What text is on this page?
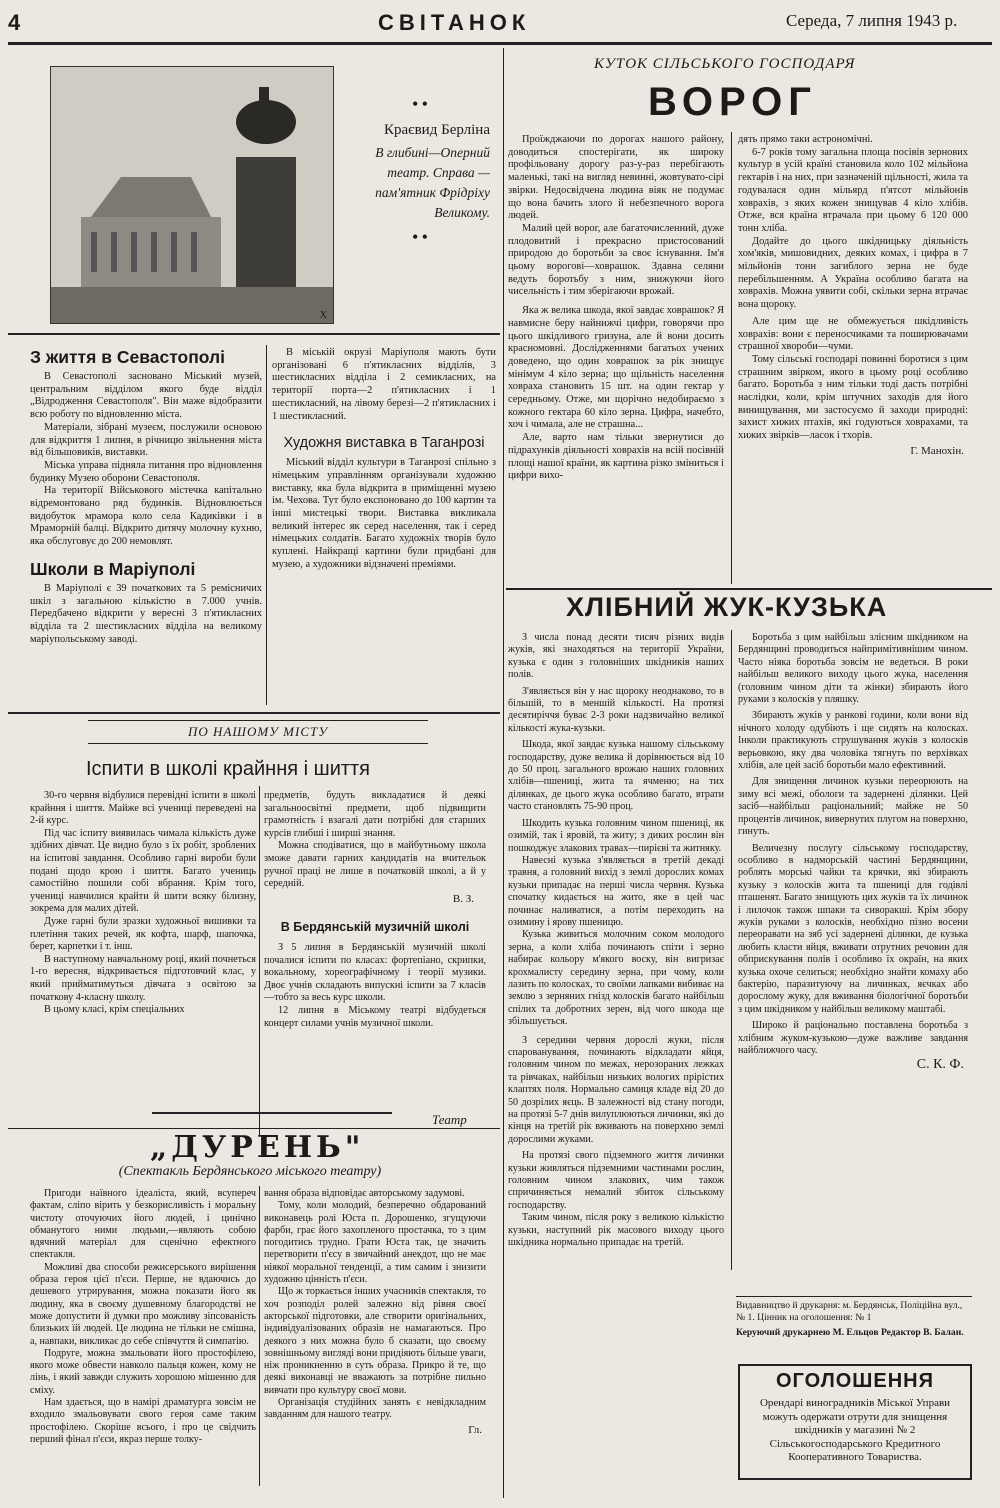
4	СВІТАНОК	Середа, 7 липня 1943 р.
X
• •
Краєвид Берліна
В глибині—Оперний театр. Справа — пам'ятник Фрідріху Великому.
• •
З життя в Севастополі

В Севастополі засновано Міський музей, центральним відділом якого буде відділ „Відродження Севастополя". Він маже відобразити всю роботу по відновленню міста.

Матеріали, зібрані музеєм, послужили основою для відкриття 1 липня, в річницю звільнення міста від більшовиків, виставки.

Міська управа підняла питання про відновлення будинку Музею оборони Севастополя.

На території Військового містечка капітально відремонтовано ряд будинків. Відновлюється видобуток мрамора коло села Кадиківки і в Мраморній балці. Відкрито дитячу молочну кухню, яка обслуговує до 200 немовлят.

Школи в Маріуполі

В Маріуполі є 39 початкових та 5 ремісничих шкіл з загальною кількістю в 7.000 учнів. Передбачено відкрити у вересні 3 п'ятикласних відділа та 2 шестикласних відділа на великому маріупольському заводі.

В міській окрузі Маріуполя мають бути організовані 6 п'ятикласних відділів, 3 шестикласних відділа і 2 семикласних, на території порта—2 п'ятикласних і 1 шестикласний, на лівому березі—2 п'ятикласних і 1 шестикласний.

Художня виставка в Таганрозі

Міський відділ культури в Таганрозі спільно з німецьким управлінням організували художню виставку, яка була відкрита в приміщенні музею ім. Чехова. Тут було експоновано до 100 картин та інші мистецькі твори. Виставка викликала великий інтерес як серед населення, так і серед німецьких солдатів. Багато художніх творів було куплені. Найкращі картини були придбані для музею, а художники відзначені преміями.

КУТОК СІЛЬСЬКОГО ГОСПОДАРЯ
ВОРОГ

Проїжджаючи по дорогах нашого району, доводиться спостерігати, як широку профільовану дорогу раз-у-раз перебігають маленькі, такі на вигляд невинні, жовтувато-сірі звірки. Недосвідчена людина віяк не подумає що вона бачить злого й небезпечного ворога людей.

Малий цей ворог, але багаточисленний, дуже плодовитий і прекрасно пристосований природою до боротьби за своє існування. Ім'я цьому ворогові—ховрашок. Здавна селяни ведуть боротьбу з ним, знижуючи його чисельність і тим зберігаючи врожай.

Яка ж велика шкода, якої завдає ховрашок? Я навмисне беру найнижчі цифри, говорячи про цього шкідливого гризуна, але й вони досить красномовні. Дослідженнями багатьох учених доведено, що один ховрашок за рік знищує мінімум 4 кіло зерна; що щільність населення ховраха становить 15 шт. на один гектар у середньому. Отже, ми щорічно недобираємо з кожного гектара 60 кіло зерна. Цифра, начебто, хоч і чимала, але не страшна...

Але, варто нам тільки звернутися до підрахунків діяльності ховрахів на всій посівній площі нашої країни, як картина різко зміниться і цифри вихо-

дять прямо таки астрономічні.

6-7 років тому загальна площа посівів зернових культур в усій країні становила коло 102 мільйона гектарів і на них, при зазначеній щільності, жила та годувалася один мільярд п'ятсот мільйонів ховрахів, з яких кожен знищував 4 кіло хлібів. Отже, вся країна втрачала при цьому 6 120 000 тонн хліба.

Додайте до цього шкідницьку діяльність хом'яків, мишовидних, деяких комах, і цифра в 7 мільйонів тонн загиблого зерна не буде перебільшенням. А Україна особливо багата на ховрахів. Можна уявити собі, скільки зерна втрачає вона щороку.

Але цим ще не обмежується шкідливість ховрахів: вони є переносчиками та поширювачами страшної хвороби—чуми.

Тому сільські господарі повинні боротися з цим страшним звірком, якого в цьому році особливо багато. Боротьба з ним тільки тоді дасть потрібні наслідки, коли, крім штучних заходів для його винищування, ми застосуємо й заходи природні: захист хижих птахів, які годуються ховрахами, та хижих звірків—ласок і тхорів.

Г. Манохін.
ХЛІБНИЙ ЖУК-КУЗЬКА

З числа понад десяти тисяч різних видів жуків, які знаходяться на території України, кузька є один з головніших шкідників наших полів.

З'являється він у нас щороку неоднаково, то в більшій, то в меншій кількості. На протязі десятиріччя буває 2-3 роки надзвичайно великої кількості жука-кузьки.

Шкода, якої завдає кузька нашому сільському господарству, дуже велика й дорівнюється від 10 до 50 проц. загального врожаю наших головних хлібів—пшениці, жита та ячменю; на тих ділянках, де цього жука особливо багато, втрати часто становлять 75-90 проц.

Шкодить кузька головним чином пшениці, як озимій, так і яровій, та житу; з диких рослин він пошкоджує злакових травах—пирієві та житняку.

Навесні кузька з'являється в третій декаді травня, а головний вихід з землі дорослих комах кузьки припадає на перші числа червня. Кузька спочатку кидається на жито, яке в цей час починає наливатися, а потім переходить на озимину і ярову пшеницю.

Кузька живиться молочним соком молодого зерна, а коли хліба починають спіти і зерно набирає кольору м'якого воску, він вигризає крохмалисту середину зерна, при чому, коли лазить по колосках, то своїми лапками вибиває на землю з зерняних гнізд колосків багато найбільш спілих та добротних зерен, від чого шкода ще збільшується.

З середини червня дорослі жуки, після спарованування, починають відкладати яйця, головним чином по межах, нерозораних лежках та рівчаках, найбільш низьких вологих прірістих клаптях поля. Нормально самиця кладе від 20 до 50 дозрілих яєць. В залежності від стану погоди, на протязі 5-7 днів вилуплюються личинки, які до кінця на третій рік вживають на поверхню землі дорослими жуками.

На протязі свого підземного життя личинки кузьки живляться підземними частинами рослин, головним чином злакових, чим також спричиняється немалий збиток сільському господарству.

Таким чином, після року з великою кількістю кузьки, наступний рік масового виходу цього шкідника нормально припадає на третій.

Боротьба з цим найбільш злісним шкідником на Бердянщині проводиться найпримітивнішим чином. Часто ніяка боротьба зовсім не ведеться. В роки найбільш великого виходу цього жука, населення (головним чином діти та жінки) збирають його руками з колосків у пляшку.

Збирають жуків у ранкові години, коли вони від нічного холоду одубіють і ще сидять на колосках. Інколи практикують струшування жуків з колосків верьовкою, яку два чоловіка тягнуть по верхівках хлібів, але цей засіб боротьби мало ефективний.

Для знищення личинок кузьки переорюють на зиму всі межі, обологи та задернені ділянки. Цей засіб—найбільш раціональний; майже не 50 процентів личинок, вивернутих плугом на поверхню, гинуть.

Величезну послугу сільському господарству, особливо в надморській частині Бердянщини, роблять морські чайки та крячки, які збирають кузьку з колосків жита та пшениці для годівлі пташенят. Багато знищують цих жуків та їх личинок і лилочок також шпаки та сиворакші. Крім збору жуків руками з колосків, необхідно пізно восени переоравати на зяб усі задернені ділянки, де кузька любить класти яйця, вживати отрутних речовин для обприскування полів і особливо їх окраїн, на яких кузька охоче селиться; необхідно знайти комаху або бактерію, паразитуючу на личинках, яєчках або дорослому жуку, для вживання біологічної боротьби з цим шкідником у найбільш великому маштабі.

Широко й раціонально поставлена боротьба з хлібним жуком-кузькою—дуже важливе завдання найближчого часу.

С. К. Ф.
Видавництво й друкарня: м. Бердянськ, Поліційна вул., № 1. Цінник на оголошення: № 1
Керуючий друкарнею М. Ельцов Редактор В. Балан.
ОГОЛОШЕННЯ
Орендарі виноградників Міської Управи можуть одержати отрути для знищення шкідників у магазині № 2 Сільськогосподарського Кредитного Кооперативного Товариства.
ПО НАШОМУ МІСТУ
Іспити в школі крайння і шиття

30-го червня відбулися перевідні іспити в школі крайння і шиття. Майже всі учениці переведені на 2-й курс.

Під час іспиту виявилась чимала кількість дуже здібних дівчат. Це видно було з їх робіт, зроблених на іспитові завдання. Особливо гарні вироби були подані щодо крою і шиття. Багато учениць самостійно пошили собі вбрання. Крім того, учениці навчилися крайти й шити всяку білизну, зокрема для малих дітей.

Дуже гарні були зразки художньої вишивки та плетіння таких речей, як кофта, шарф, шапочка, берет, карпетки і т. інш.

В наступному навчальному році, який почнеться 1-го вересня, відкривається підготовчий клас, у який прийматимуться дівчата з освітою за початкову 4-класну школу.

В цьому класі, крім спеціальних

предметів, будуть викладатися й деякі загальноосвітні предмети, щоб підвищити грамотність і взагалі дати потрібні для старших курсів глибші і ширші знання.

Можна сподіватися, що в майбутньому школа зможе давати гарних кандидатів на вчительок ручної праці не лише в початковій школі, а й у середній.

В. З.
В Бердянській музичній школі

З 5 липня в Бердянській музичній школі почалися іспити по класах: фортепіано, скрипки, вокальному, хореографічному і теорії музики. Двоє учнів складають випускні іспити за 7 класів—тобто за весь курс школи.

12 липня в Міському театрі відбудеться концерт силами учнів музичної школи.

Театр
„ДУРЕНЬ"
(Спектакль Бердянського міського театру)

Пригоди наївного ідеаліста, який, всупереч фактам, сліпо вірить у безкорисливість і моральну чистоту оточуючих його людей, і цинічно обманутого ними людьми,—являють собою вдячний матеріал для сценічно ефектного спектакля.

Можливі два способи режисерського вирішення образа героя цієї п'єси. Перше, не вдаючись до дешевого утрирування, можна показати його як людину, яка в своєму душевному благородстві не може допустити й думки про можливу зіпсованість близьких їй людей. Це людина не тільки не смішна, а, навпаки, викликає до себе співчуття й симпатію.

Подруге, можна змальовати його простофілею, якого може обвести навколо пальця кожен, кому не лінь, і який завжди служить хорошою мішенню для сміху.

Нам здається, що в намірі драматурга зовсім не входило змальовувати свого героя саме таким простофілею. Скоріше всього, і про це свідчить перший фінал п'єси, якраз перше толку-

вання образа відповідає авторському задумові.

Тому, коли молодий, безперечно обдарований виконавець ролі Юста п. Дорошенко, згущуючи фарби, грає його захопленого простачка, то з цим погодитись трудно. Грати Юста так, це значить перетворити п'єсу в звичайний анекдот, що не має ніякої моральної тенденції, а тим самим і знизити художню цінність п'єси.

Що ж торкається інших учасників спектакля, то хоч розподіл ролей залежно від рівня своєї акторської підготовки, але створити оригінальних, індивідуалізованих образів не намагаються. Про деякого з них можна було б сказати, що своєму зовнішньому вигляді вони придіяють більше уваги, ніж проникненню в суть образа. Прикро й те, що деякі виконавці не вважають за потрібне пильно вивчати про культуру своєї мови.

Організація студійних занять є невідкладним завданням для нашого театру.

Гл.
